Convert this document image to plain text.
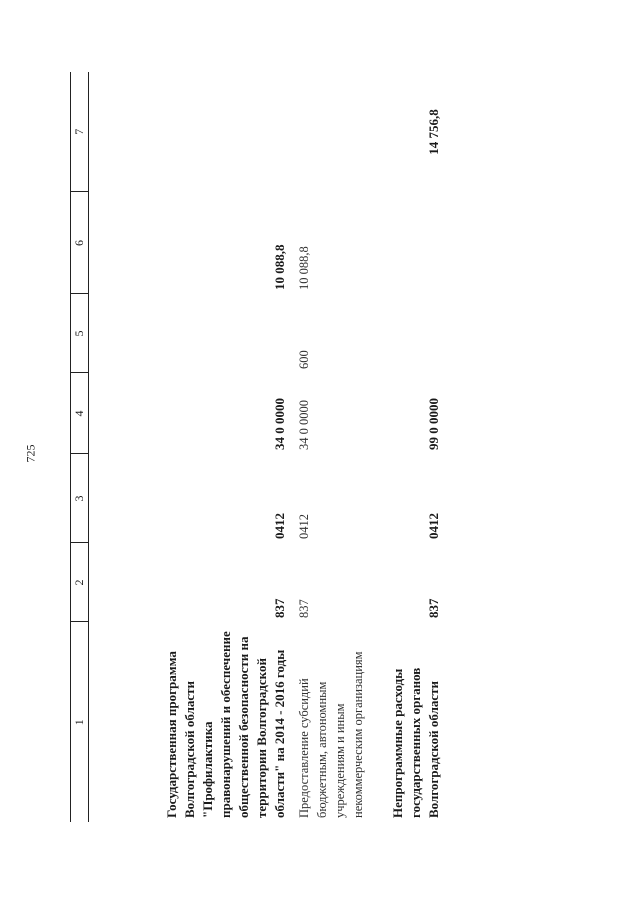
725
1	2	3	4	5	6	7

Государственная программа Волгоградской области "Профилактика правонарушений и обеспечение общественной безопасности на территории Волгоградской области" на 2014 - 2016 годы	837	0412	34 0 0000		10 088,8	

Предоставление субсидий бюджетным, автономным учреждениям и иным некоммерческим организациям	837	0412	34 0 0000	600	10 088,8	

Непрограммные расходы государственных органов Волгоградской области	837	0412	99 0 0000			14 756,8
